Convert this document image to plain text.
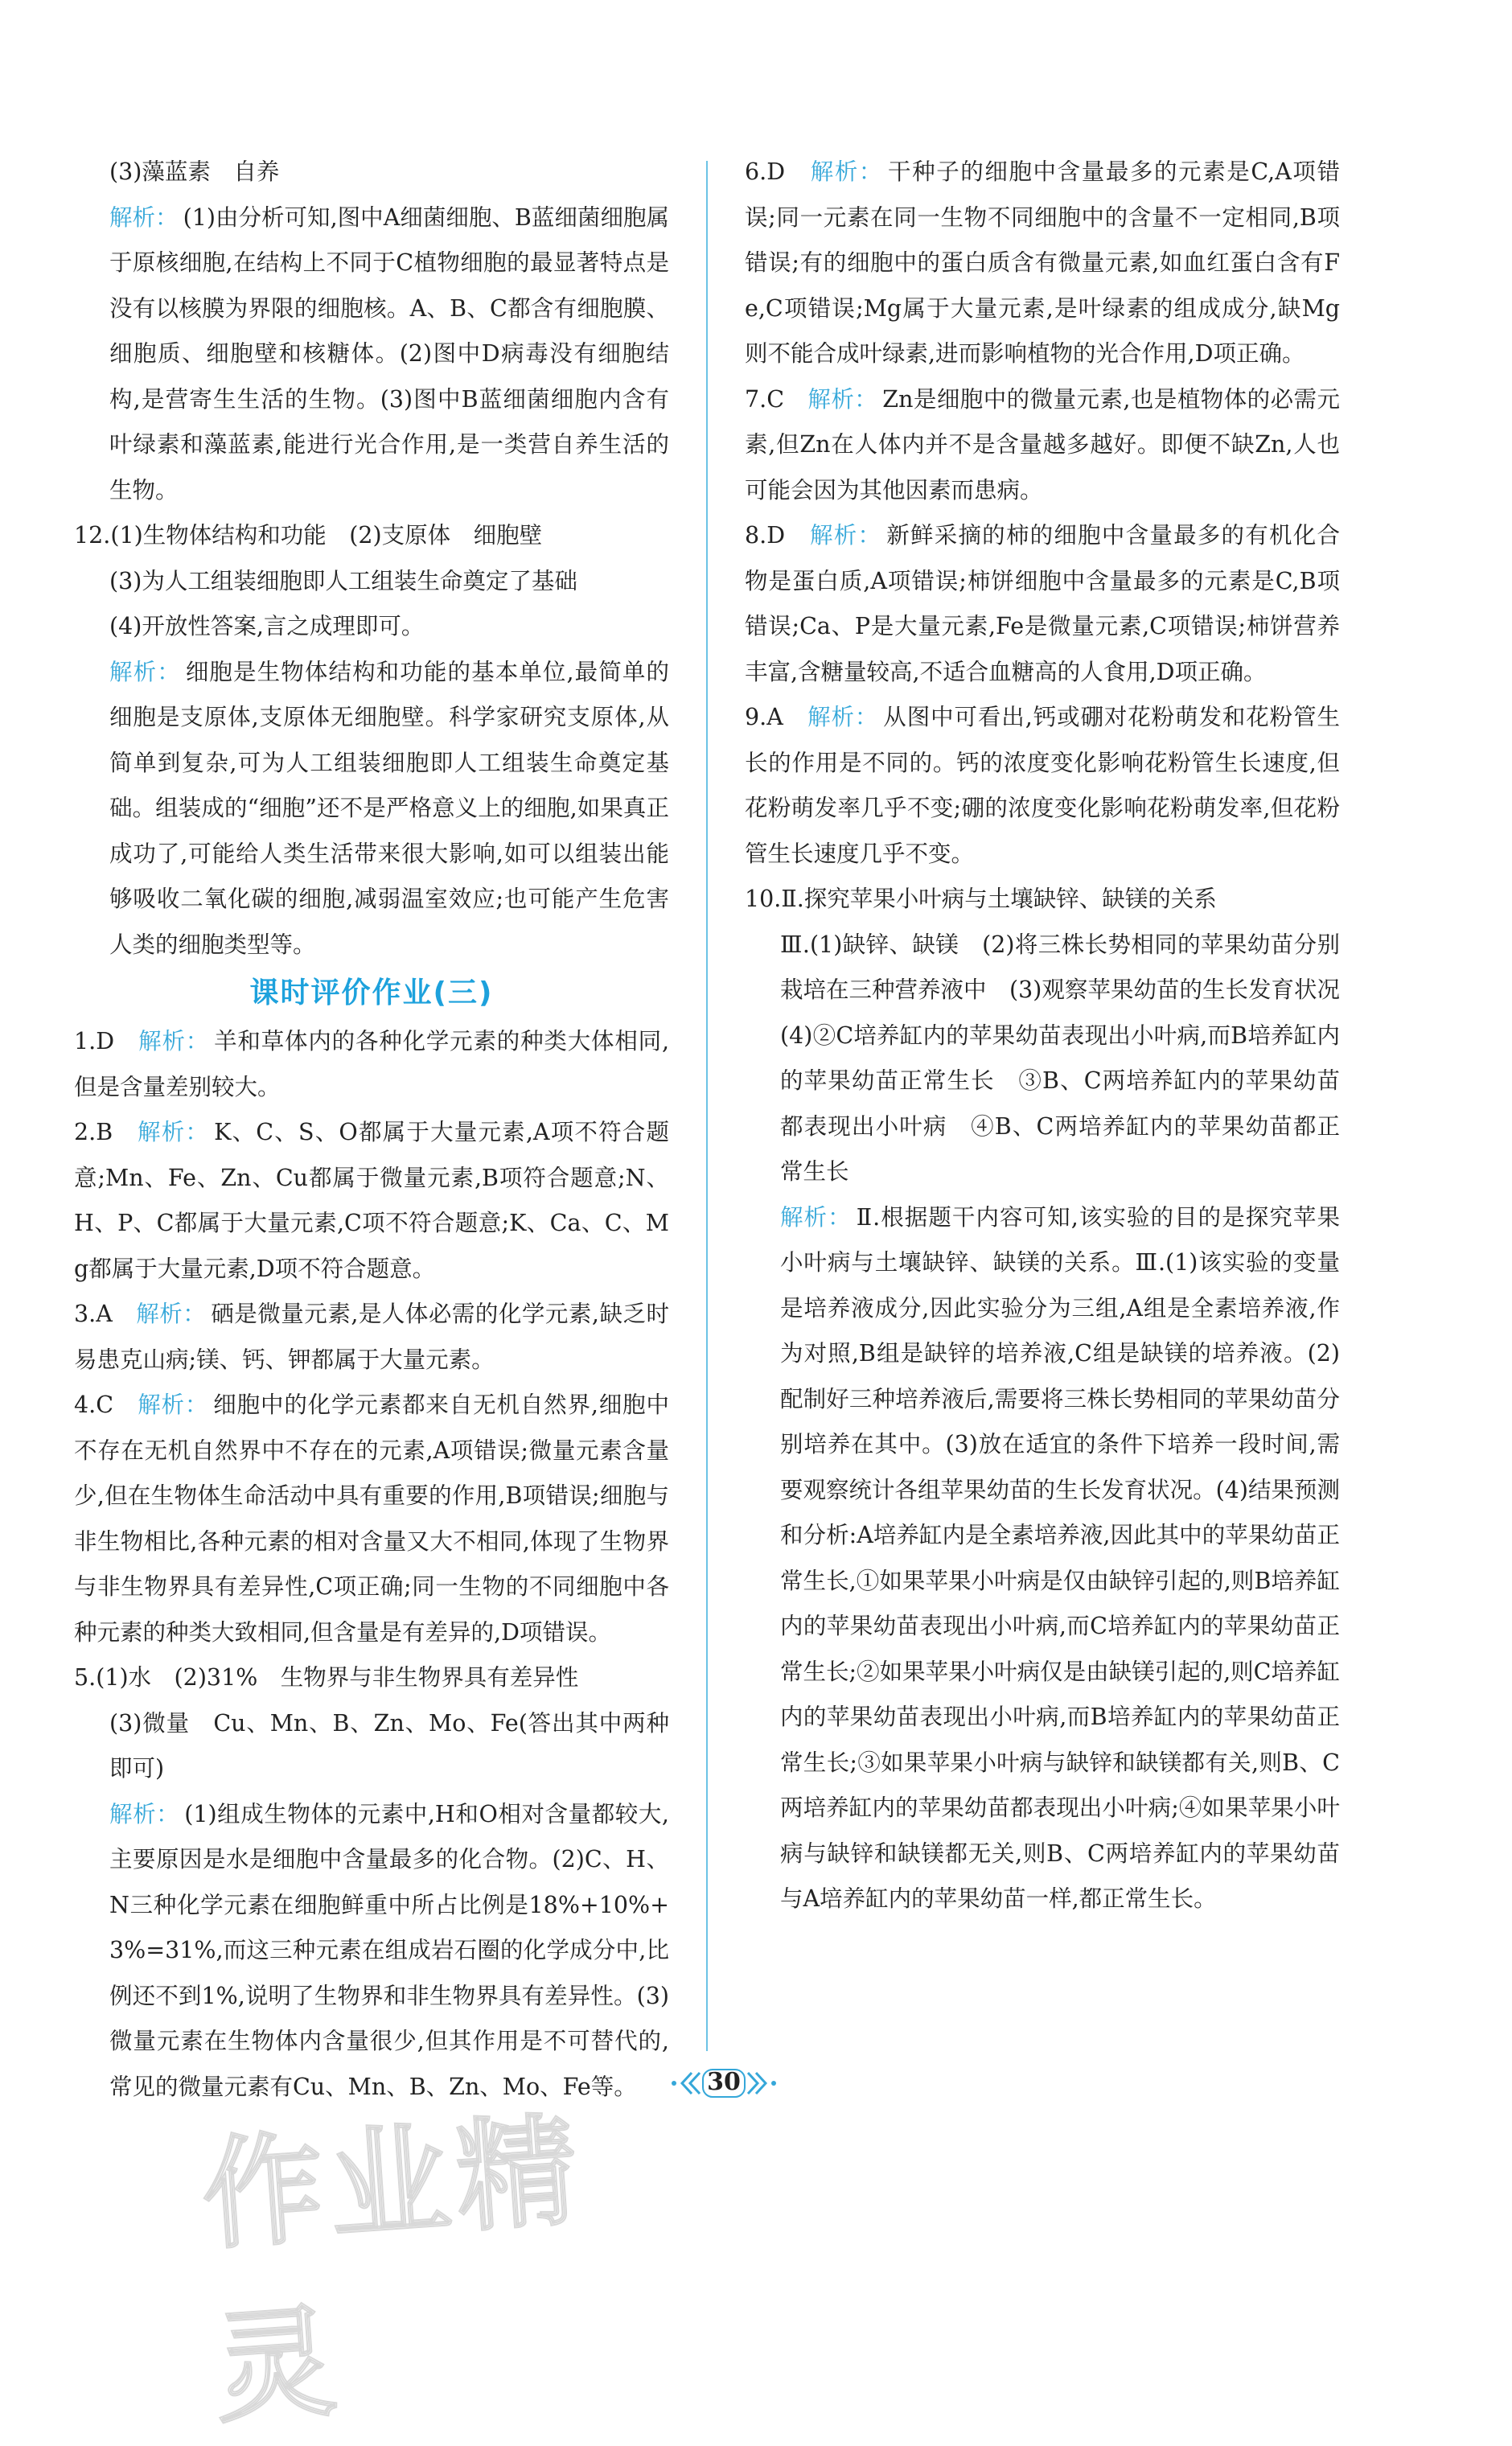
(3)藻蓝素　自养

解析： (1)由分析可知,图中A细菌细胞、B蓝细菌细胞属于原核细胞,在结构上不同于C植物细胞的最显著特点是没有以核膜为界限的细胞核。A、B、C都含有细胞膜、细胞质、细胞壁和核糖体。(2)图中D病毒没有细胞结构,是营寄生生活的生物。(3)图中B蓝细菌细胞内含有叶绿素和藻蓝素,能进行光合作用,是一类营自养生活的生物。

12.(1)生物体结构和功能　(2)支原体　细胞壁

(3)为人工组装细胞即人工组装生命奠定了基础

(4)开放性答案,言之成理即可。

解析： 细胞是生物体结构和功能的基本单位,最简单的细胞是支原体,支原体无细胞壁。科学家研究支原体,从简单到复杂,可为人工组装细胞即人工组装生命奠定基础。组装成的“细胞”还不是严格意义上的细胞,如果真正成功了,可能给人类生活带来很大影响,如可以组装出能够吸收二氧化碳的细胞,减弱温室效应;也可能产生危害人类的细胞类型等。

课时评价作业(三)

1.D　解析： 羊和草体内的各种化学元素的种类大体相同,但是含量差别较大。

2.B　解析： K、C、S、O都属于大量元素,A项不符合题意;Mn、Fe、Zn、Cu都属于微量元素,B项符合题意;N、H、P、C都属于大量元素,C项不符合题意;K、Ca、C、Mg都属于大量元素,D项不符合题意。

3.A　解析： 硒是微量元素,是人体必需的化学元素,缺乏时易患克山病;镁、钙、钾都属于大量元素。

4.C　解析： 细胞中的化学元素都来自无机自然界,细胞中不存在无机自然界中不存在的元素,A项错误;微量元素含量少,但在生物体生命活动中具有重要的作用,B项错误;细胞与非生物相比,各种元素的相对含量又大不相同,体现了生物界与非生物界具有差异性,C项正确;同一生物的不同细胞中各种元素的种类大致相同,但含量是有差异的,D项错误。

5.(1)水　(2)31%　生物界与非生物界具有差异性

(3)微量　Cu、Mn、B、Zn、Mo、Fe(答出其中两种即可)

解析： (1)组成生物体的元素中,H和O相对含量都较大,主要原因是水是细胞中含量最多的化合物。(2)C、H、N三种化学元素在细胞鲜重中所占比例是18%+10%+3%=31%,而这三种元素在组成岩石圈的化学成分中,比例还不到1%,说明了生物界和非生物界具有差异性。(3)微量元素在生物体内含量很少,但其作用是不可替代的,常见的微量元素有Cu、Mn、B、Zn、Mo、Fe等。

6.D　解析： 干种子的细胞中含量最多的元素是C,A项错误;同一元素在同一生物不同细胞中的含量不一定相同,B项错误;有的细胞中的蛋白质含有微量元素,如血红蛋白含有Fe,C项错误;Mg属于大量元素,是叶绿素的组成成分,缺Mg则不能合成叶绿素,进而影响植物的光合作用,D项正确。

7.C　解析： Zn是细胞中的微量元素,也是植物体的必需元素,但Zn在人体内并不是含量越多越好。即便不缺Zn,人也可能会因为其他因素而患病。

8.D　解析： 新鲜采摘的柿的细胞中含量最多的有机化合物是蛋白质,A项错误;柿饼细胞中含量最多的元素是C,B项错误;Ca、P是大量元素,Fe是微量元素,C项错误;柿饼营养丰富,含糖量较高,不适合血糖高的人食用,D项正确。

9.A　解析： 从图中可看出,钙或硼对花粉萌发和花粉管生长的作用是不同的。钙的浓度变化影响花粉管生长速度,但花粉萌发率几乎不变;硼的浓度变化影响花粉萌发率,但花粉管生长速度几乎不变。

10.Ⅱ.探究苹果小叶病与土壤缺锌、缺镁的关系

Ⅲ.(1)缺锌、缺镁　(2)将三株长势相同的苹果幼苗分别栽培在三种营养液中　(3)观察苹果幼苗的生长发育状况　(4)②C培养缸内的苹果幼苗表现出小叶病,而B培养缸内的苹果幼苗正常生长　③B、C两培养缸内的苹果幼苗都表现出小叶病　④B、C两培养缸内的苹果幼苗都正常生长

解析： Ⅱ.根据题干内容可知,该实验的目的是探究苹果小叶病与土壤缺锌、缺镁的关系。Ⅲ.(1)该实验的变量是培养液成分,因此实验分为三组,A组是全素培养液,作为对照,B组是缺锌的培养液,C组是缺镁的培养液。(2)配制好三种培养液后,需要将三株长势相同的苹果幼苗分别培养在其中。(3)放在适宜的条件下培养一段时间,需要观察统计各组苹果幼苗的生长发育状况。(4)结果预测和分析:A培养缸内是全素培养液,因此其中的苹果幼苗正常生长,①如果苹果小叶病是仅由缺锌引起的,则B培养缸内的苹果幼苗表现出小叶病,而C培养缸内的苹果幼苗正常生长;②如果苹果小叶病仅是由缺镁引起的,则C培养缸内的苹果幼苗表现出小叶病,而B培养缸内的苹果幼苗正常生长;③如果苹果小叶病与缺锌和缺镁都有关,则B、C两培养缸内的苹果幼苗都表现出小叶病;④如果苹果小叶病与缺锌和缺镁都无关,则B、C两培养缸内的苹果幼苗与A培养缸内的苹果幼苗一样,都正常生长。

30
作业精灵
